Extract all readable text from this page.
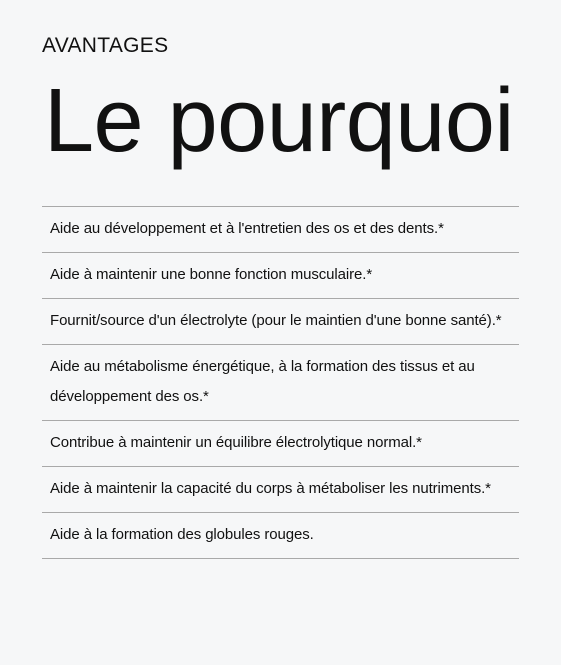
AVANTAGES
Le pourquoi
Aide au développement et à l'entretien des os et des dents.*
Aide à maintenir une bonne fonction musculaire.*
Fournit/source d'un électrolyte (pour le maintien d'une bonne santé).*
Aide au métabolisme énergétique, à la formation des tissus et au développement des os.*
Contribue à maintenir un équilibre électrolytique normal.*
Aide à maintenir la capacité du corps à métaboliser les nutriments.*
Aide à la formation des globules rouges.
